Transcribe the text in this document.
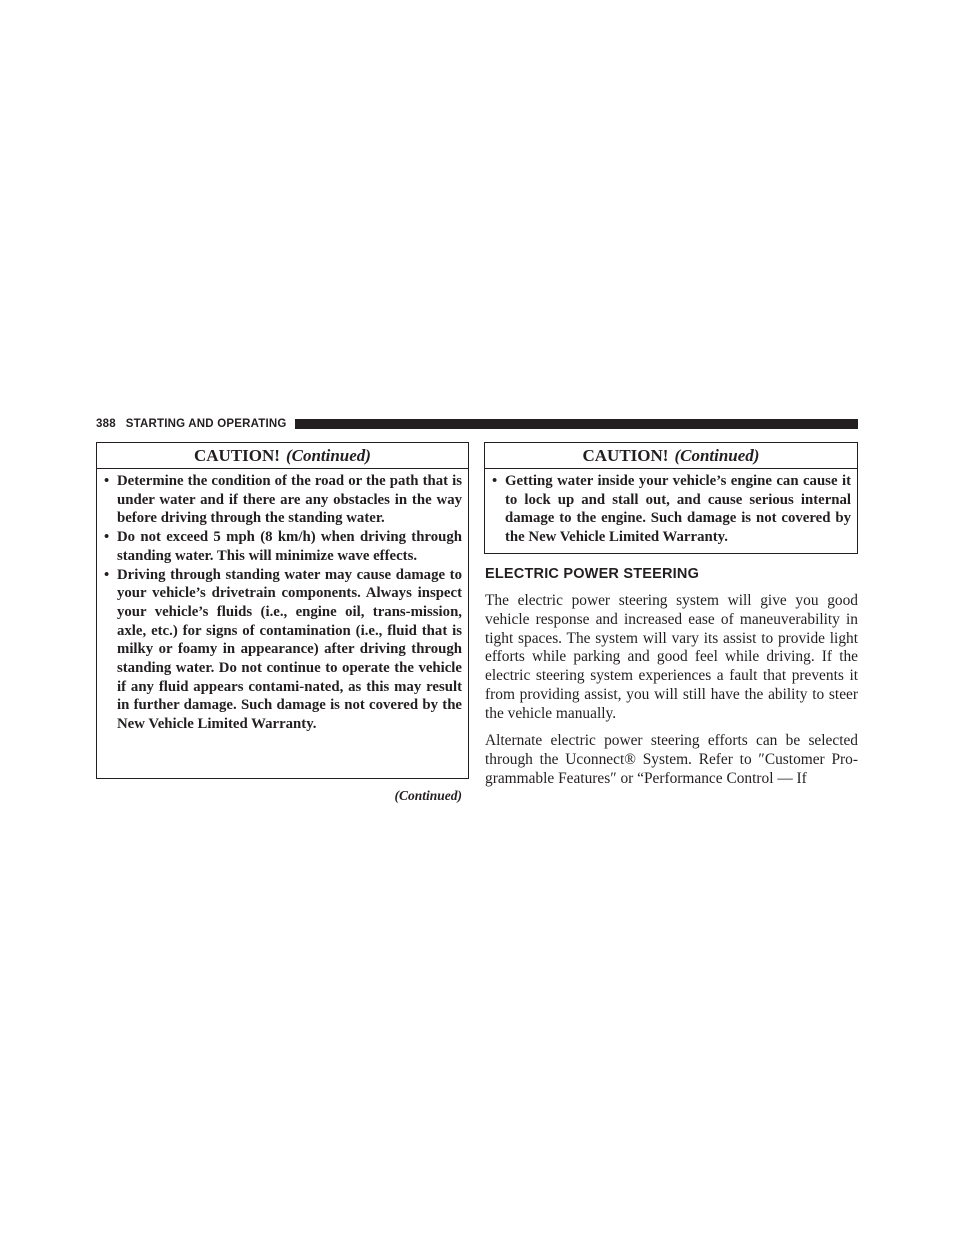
388 STARTING AND OPERATING
CAUTION! (Continued)
• Determine the condition of the road or the path that is under water and if there are any obstacles in the way before driving through the standing water.
• Do not exceed 5 mph (8 km/h) when driving through standing water. This will minimize wave effects.
• Driving through standing water may cause damage to your vehicle’s drivetrain components. Always inspect your vehicle’s fluids (i.e., engine oil, trans-mission, axle, etc.) for signs of contamination (i.e., fluid that is milky or foamy in appearance) after driving through standing water. Do not continue to operate the vehicle if any fluid appears contami-nated, as this may result in further damage. Such damage is not covered by the New Vehicle Limited Warranty.
(Continued)
CAUTION! (Continued)
• Getting water inside your vehicle’s engine can cause it to lock up and stall out, and cause serious internal damage to the engine. Such damage is not covered by the New Vehicle Limited Warranty.
ELECTRIC POWER STEERING

The electric power steering system will give you good vehicle response and increased ease of maneuverability in tight spaces. The system will vary its assist to provide light efforts while parking and good feel while driving. If the electric steering system experiences a fault that prevents it from providing assist, you will still have the ability to steer the vehicle manually.

Alternate electric power steering efforts can be selected through the Uconnect® System. Refer to ″Customer Pro-grammable Features″ or “Performance Control — If
